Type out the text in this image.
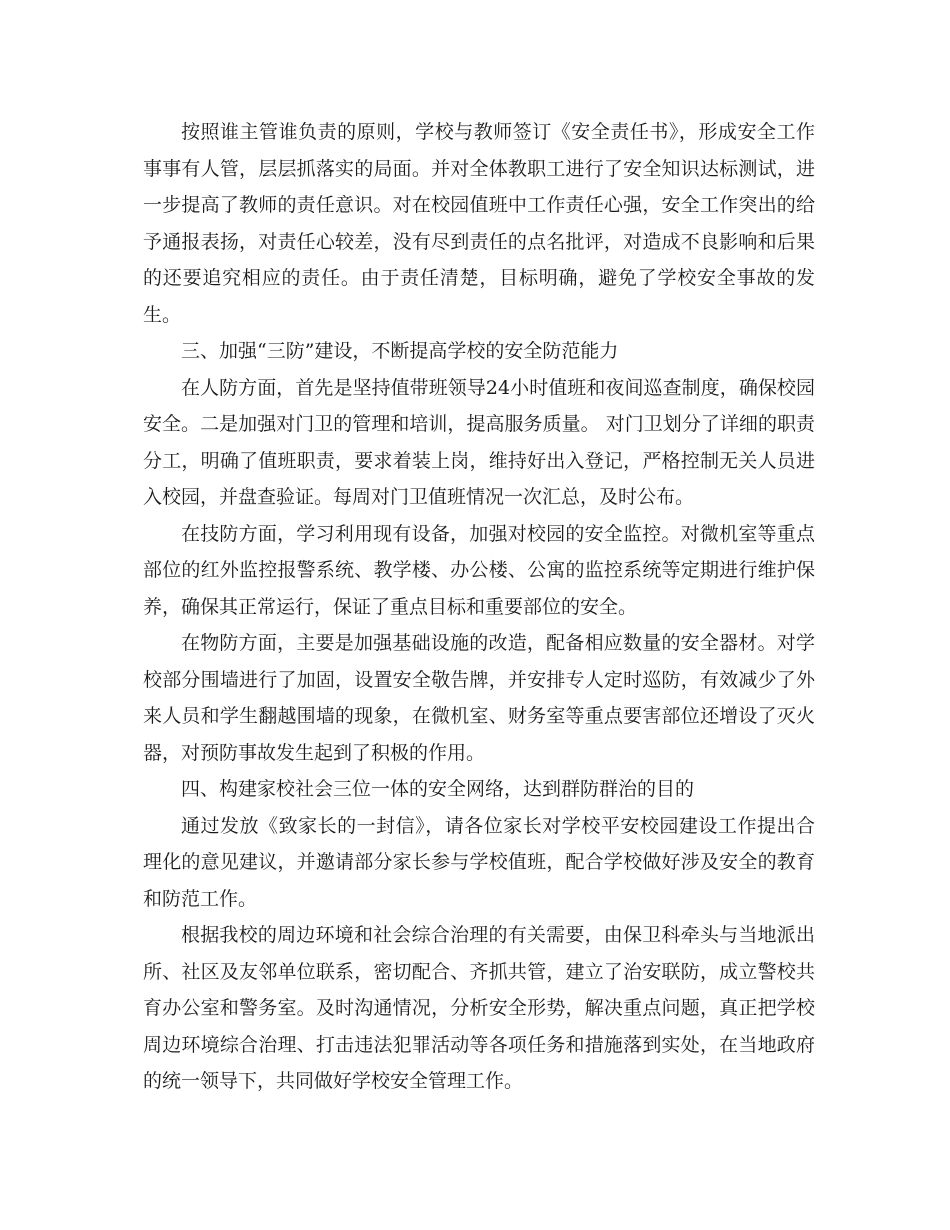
按照谁主管谁负责的原则，学校与教师签订《安全责任书》，形成安全工作事事有人管，层层抓落实的局面。并对全体教职工进行了安全知识达标测试，进一步提高了教师的责任意识。对在校园值班中工作责任心强，安全工作突出的给予通报表扬，对责任心较差，没有尽到责任的点名批评，对造成不良影响和后果的还要追究相应的责任。由于责任清楚，目标明确，避免了学校安全事故的发生。

三、加强“三防”建设，不断提高学校的安全防范能力

在人防方面，首先是坚持值带班领导24小时值班和夜间巡查制度，确保校园安全。二是加强对门卫的管理和培训，提高服务质量。 对门卫划分了详细的职责分工，明确了值班职责，要求着装上岗，维持好出入登记，严格控制无关人员进入校园，并盘查验证。每周对门卫值班情况一次汇总，及时公布。

在技防方面，学习利用现有设备，加强对校园的安全监控。对微机室等重点部位的红外监控报警系统、教学楼、办公楼、公寓的监控系统等定期进行维护保养，确保其正常运行，保证了重点目标和重要部位的安全。

在物防方面，主要是加强基础设施的改造，配备相应数量的安全器材。对学校部分围墙进行了加固，设置安全敬告牌，并安排专人定时巡防，有效减少了外来人员和学生翻越围墙的现象，在微机室、财务室等重点要害部位还增设了灭火器，对预防事故发生起到了积极的作用。

四、构建家校社会三位一体的安全网络，达到群防群治的目的

通过发放《致家长的一封信》，请各位家长对学校平安校园建设工作提出合理化的意见建议，并邀请部分家长参与学校值班，配合学校做好涉及安全的教育和防范工作。

根据我校的周边环境和社会综合治理的有关需要，由保卫科牵头与当地派出所、社区及友邻单位联系，密切配合、齐抓共管，建立了治安联防，成立警校共育办公室和警务室。及时沟通情况，分析安全形势，解决重点问题，真正把学校周边环境综合治理、打击违法犯罪活动等各项任务和措施落到实处，在当地政府的统一领导下，共同做好学校安全管理工作。
